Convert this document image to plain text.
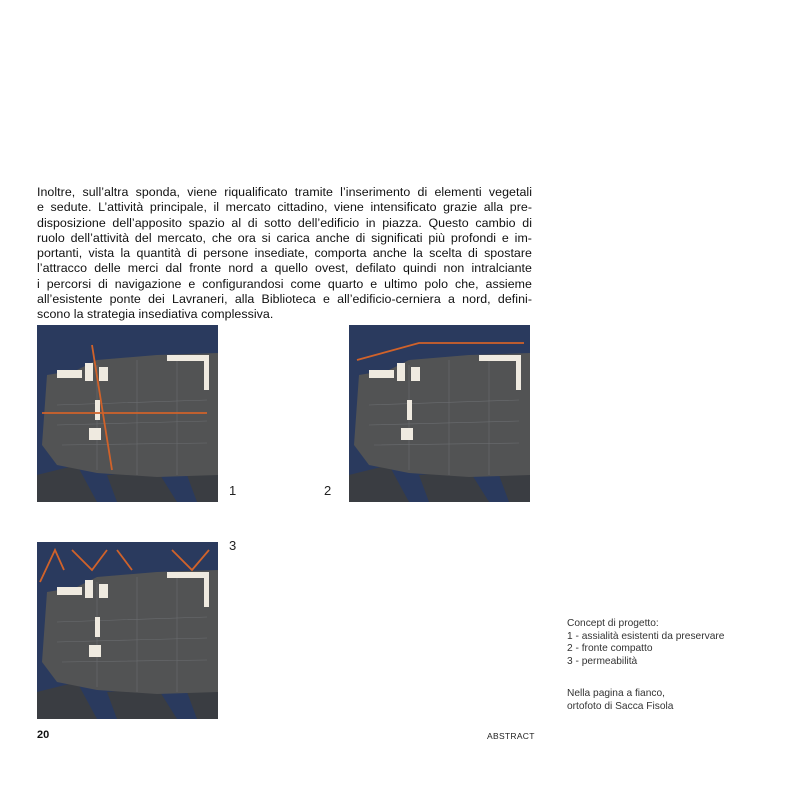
Inoltre, sull’altra sponda, viene riqualificato tramite l’inserimento di elementi vegetali
e sedute. L’attività principale, il mercato cittadino, viene intensificato grazie alla pre-
disposizione dell’apposito spazio al di sotto dell’edificio in piazza. Questo cambio di
ruolo dell’attività del mercato, che ora si carica anche di significati più profondi e im-
portanti, vista la quantità di persone insediate, comporta anche la scelta di spostare
l’attracco delle merci dal fronte nord a quello ovest, defilato quindi non intralciante
i percorsi di navigazione e configurandosi come quarto e ultimo polo che, assieme
all’esistente ponte dei Lavraneri, alla Biblioteca e all’edificio-cerniera a nord, defini-
scono la strategia insediativa complessiva.

1	2
3
Concept di progetto:
1 - assialità esistenti da preservare
2 - fronte compatto
3 - permeabilità
Nella pagina a fianco,
ortofoto di Sacca Fisola
20	ABSTRACT
